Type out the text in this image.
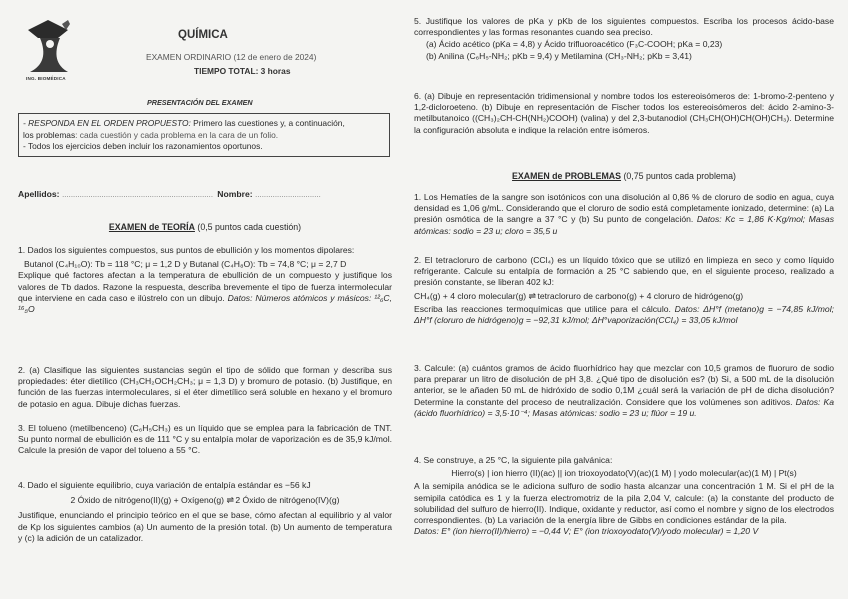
ING. BIOMÉDICA
QUÍMICA
EXAMEN ORDINARIO (12 de enero de 2024)
TIEMPO TOTAL: 3 horas
PRESENTACIÓN DEL EXAMEN
- RESPONDA EN EL ORDEN PROPUESTO: Primero las cuestiones y, a continuación,
los problemas: cada cuestión y cada problema en la cara de un folio.
- Todos los ejercicios deben incluir los razonamientos oportunos.
Apellidos: ..................................................................... Nombre: ..............................
EXAMEN de TEORÍA (0,5 puntos cada cuestión)

1. Dados los siguientes compuestos, sus puntos de ebullición y los momentos dipolares:

Butanol (C₄H₁₀O): Tb = 118 °C; μ = 1,2 D y Butanal (C₄H₈O): Tb = 74,8 °C; μ = 2,7 D

Explique qué factores afectan a la temperatura de ebullición de un compuesto y justifique los valores de Tb dados. Razone la respuesta, describa brevemente el tipo de fuerza intermolecular que interviene en cada caso e ilústrelo con un dibujo. Datos: Números atómicos y másicos: ¹²₆C, ¹⁶₈O

2. (a) Clasifique las siguientes sustancias según el tipo de sólido que forman y describa sus propiedades: éter dietílico (CH₃CH₂OCH₂CH₃; μ = 1,3 D) y bromuro de potasio. (b) Justifique, en función de las fuerzas intermoleculares, si el éter dimetílico será soluble en hexano y el bromuro de potasio en agua. Dibuje dichas fuerzas.

3. El tolueno (metilbenceno) (C₆H₅CH₃) es un líquido que se emplea para la fabricación de TNT. Su punto normal de ebullición es de 111 °C y su entalpía molar de vaporización es de 35,9 kJ/mol. Calcule la presión de vapor del tolueno a 55 °C.

4. Dado el siguiente equilibrio, cuya variación de entalpía estándar es −56 kJ

2 Óxido de nitrógeno(II)(g) + Oxígeno(g) ⇌ 2 Óxido de nitrógeno(IV)(g)

Justifique, enunciando el principio teórico en el que se base, cómo afectan al equilibrio y al valor de Kp los siguientes cambios (a) Un aumento de la presión total. (b) Un aumento de temperatura y (c) la adición de un catalizador.

5. Justifique los valores de pKa y pKb de los siguientes compuestos. Escriba los procesos ácido-base correspondientes y las formas resonantes cuando sea preciso.

(a) Ácido acético (pKa = 4,8) y Ácido trifluoroacético (F₃C-COOH; pKa = 0,23)

(b) Anilina (C₆H₅-NH₂; pKb = 9,4) y Metilamina (CH₃-NH₂; pKb = 3,41)

6. (a) Dibuje en representación tridimensional y nombre todos los estereoisómeros de: 1-bromo-2-penteno y 1,2-dicloroeteno. (b) Dibuje en representación de Fischer todos los estereoisómeros del: ácido 2-amino-3-metilbutanoico ((CH₃)₂CH-CH(NH₂)COOH) (valina) y del 2,3-butanodiol (CH₃CH(OH)CH(OH)CH₃). Determine la configuración absoluta e indique la relación entre isómeros.

EXAMEN de PROBLEMAS (0,75 puntos cada problema)

1. Los Hematíes de la sangre son isotónicos con una disolución al 0,86 % de cloruro de sodio en agua, cuya densidad es 1,06 g/mL. Considerando que el cloruro de sodio está completamente ionizado, determine: (a) La presión osmótica de la sangre a 37 °C y (b) Su punto de congelación. Datos: Kc = 1,86 K·Kg/mol; Masas atómicas: sodio = 23 u; cloro = 35,5 u

2. El tetracloruro de carbono (CCl₄) es un líquido tóxico que se utilizó en limpieza en seco y como líquido refrigerante. Calcule su entalpía de formación a 25 °C sabiendo que, en el siguiente proceso, realizado a presión constante, se liberan 402 kJ:

CH₄(g) + 4 cloro molecular(g) ⇌ tetracloruro de carbono(g) + 4 cloruro de hidrógeno(g)

Escriba las reacciones termoquímicas que utilice para el cálculo. Datos: ΔH°f (metano)g = −74,85 kJ/mol; ΔH°f (cloruro de hidrógeno)g = −92,31 kJ/mol; ΔH°vaporización(CCl₄) = 33,05 kJ/mol

3. Calcule: (a) cuántos gramos de ácido fluorhídrico hay que mezclar con 10,5 gramos de fluoruro de sodio para preparar un litro de disolución de pH 3,8. ¿Qué tipo de disolución es? (b) Si, a 500 mL de la disolución anterior, se le añaden 50 mL de hidróxido de sodio 0,1M ¿cuál será la variación de pH de dicha disolución? Determine la constante del proceso de neutralización. Considere que los volúmenes son aditivos. Datos: Ka (ácido fluorhídrico) = 3,5·10⁻⁴; Masas atómicas: sodio = 23 u; flúor = 19 u.

4. Se construye, a 25 °C, la siguiente pila galvánica:

Hierro(s) | ion hierro (II)(ac) || ion trioxoyodato(V)(ac)(1 M) | yodo molecular(ac)(1 M) | Pt(s)

A la semipila anódica se le adiciona sulfuro de sodio hasta alcanzar una concentración 1 M. Si el pH de la semipila catódica es 1 y la fuerza electromotriz de la pila 2,04 V, calcule: (a) la constante del producto de solubilidad del sulfuro de hierro(II). Indique, oxidante y reductor, así como el nombre y signo de los electrodos correspondientes. (b) La variación de la energía libre de Gibbs en condiciones estándar de la pila.

Datos: E° (ion hierro(II)/hierro) = −0,44 V; E° (ion trioxoyodato(V)/yodo molecular) = 1,20 V
